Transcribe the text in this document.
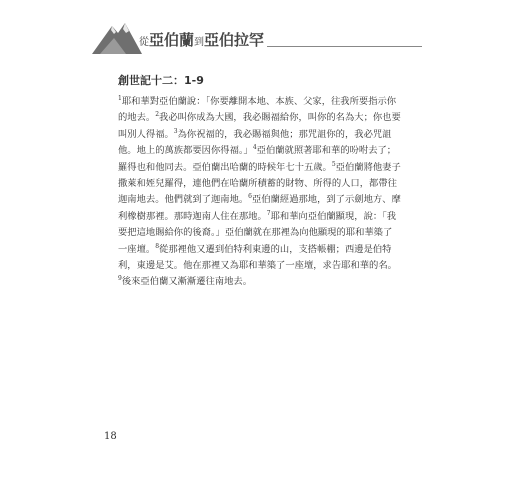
從亞伯蘭到亞伯拉罕
創世記十二：1-9
$^1$耶和華對亞伯蘭說：「你要離開本地、本族、父家，往我所要指示你
的地去。$^2$我必叫你成為大國，我必賜福給你，叫你的名為大；你也要
叫別人得福。$^3$為你祝福的，我必賜福與他；那咒詛你的，我必咒詛
他。地上的萬族都要因你得福。」$^4$亞伯蘭就照著耶和華的吩咐去了；
羅得也和他同去。亞伯蘭出哈蘭的時候年七十五歲。$^5$亞伯蘭將他妻子
撒萊和姪兒羅得，連他們在哈蘭所積蓄的財物、所得的人口，都帶往
迦南地去。他們就到了迦南地。$^6$亞伯蘭經過那地，到了示劍地方、摩
利橡樹那裡。那時迦南人住在那地。$^7$耶和華向亞伯蘭顯現，說：「我
要把這地賜給你的後裔。」亞伯蘭就在那裡為向他顯現的耶和華築了
一座壇。$^8$從那裡他又遷到伯特利東邊的山，支搭帳棚；西邊是伯特
利，東邊是艾。他在那裡又為耶和華築了一座壇，求告耶和華的名。
$^9$後來亞伯蘭又漸漸遷往南地去。
18
